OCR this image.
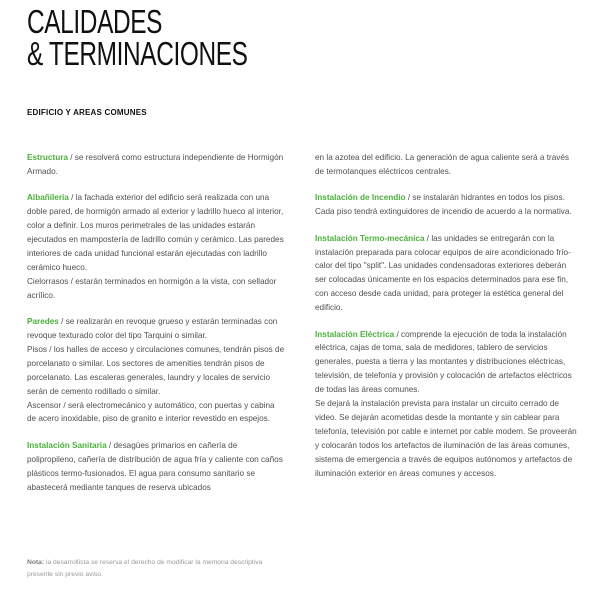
CALIDADES
& TERMINACIONES
EDIFICIO Y AREAS COMUNES

Estructura / se resolverá como estructura independiente de Hormigón Armado.

Albañilería / la fachada exterior del edificio será realizada con una doble pared, de hormigón armado al exterior y ladrillo hueco al interior, color a definir. Los muros perimetrales de las unidades estarán ejecutados en mampostería de ladrillo común y cerámico. Las paredes interiores de cada unidad funcional estarán ejecutadas con ladrillo cerámico hueco.

Cielorrasos / estarán terminados en hormigón a la vista, con sellador acrílico.

Paredes / se realizarán en revoque grueso y estarán terminadas con revoque texturado color del tipo Tarquini o similar.

Pisos / los halles de acceso y circulaciones comunes, tendrán pisos de porcelanato o similar. Los sectores de amenities tendrán pisos de porcelanato. Las escaleras generales, laundry y locales de servicio serán de cemento rodillado o similar.

Ascensor / será electromecánico y automático, con puertas y cabina de acero inoxidable, piso de granito e interior revestido en espejos.

Instalación Sanitaria / desagües primarios en cañería de polipropileno, cañería de distribución de agua fría y caliente con caños plásticos termo-fusionados. El agua para consumo sanitario se abastecerá mediante tanques de reserva ubicados

en la azotea del edificio. La generación de agua caliente será a través de termotanques eléctricos centrales.

Instalación de Incendio / se instalarán hidrantes en todos los pisos. Cada piso tendrá extinguidores de incendio de acuerdo a la normativa.

Instalación Termo-mecánica / las unidades se entregarán con la instalación preparada para colocar equipos de aire acondicionado frío-calor del tipo "split". Las unidades condensadoras exteriores deberán ser colocadas únicamente en los espacios determinados para ese fin, con acceso desde cada unidad, para proteger la estética general del edificio.

Instalación Eléctrica / comprende la ejecución de toda la instalación eléctrica, cajas de toma, sala de medidores, tablero de servicios generales, puesta a tierra y las montantes y distribuciones eléctricas, televisión, de telefonía y provisión y colocación de artefactos eléctricos de todas las áreas comunes.

Se dejará la instalación prevista para instalar un circuito cerrado de video. Se dejarán acometidas desde la montante y sin cablear para telefonía, televisión por cable e internet por cable modem. Se proveerán y colocarán todos los artefactos de iluminación de las áreas comunes, sistema de emergencia a través de equipos autónomos y artefactos de iluminación exterior en áreas comunes y accesos.

Nota: la desarrollista se reserva el derecho de modificar la memoria descriptiva presente sin previo aviso.
